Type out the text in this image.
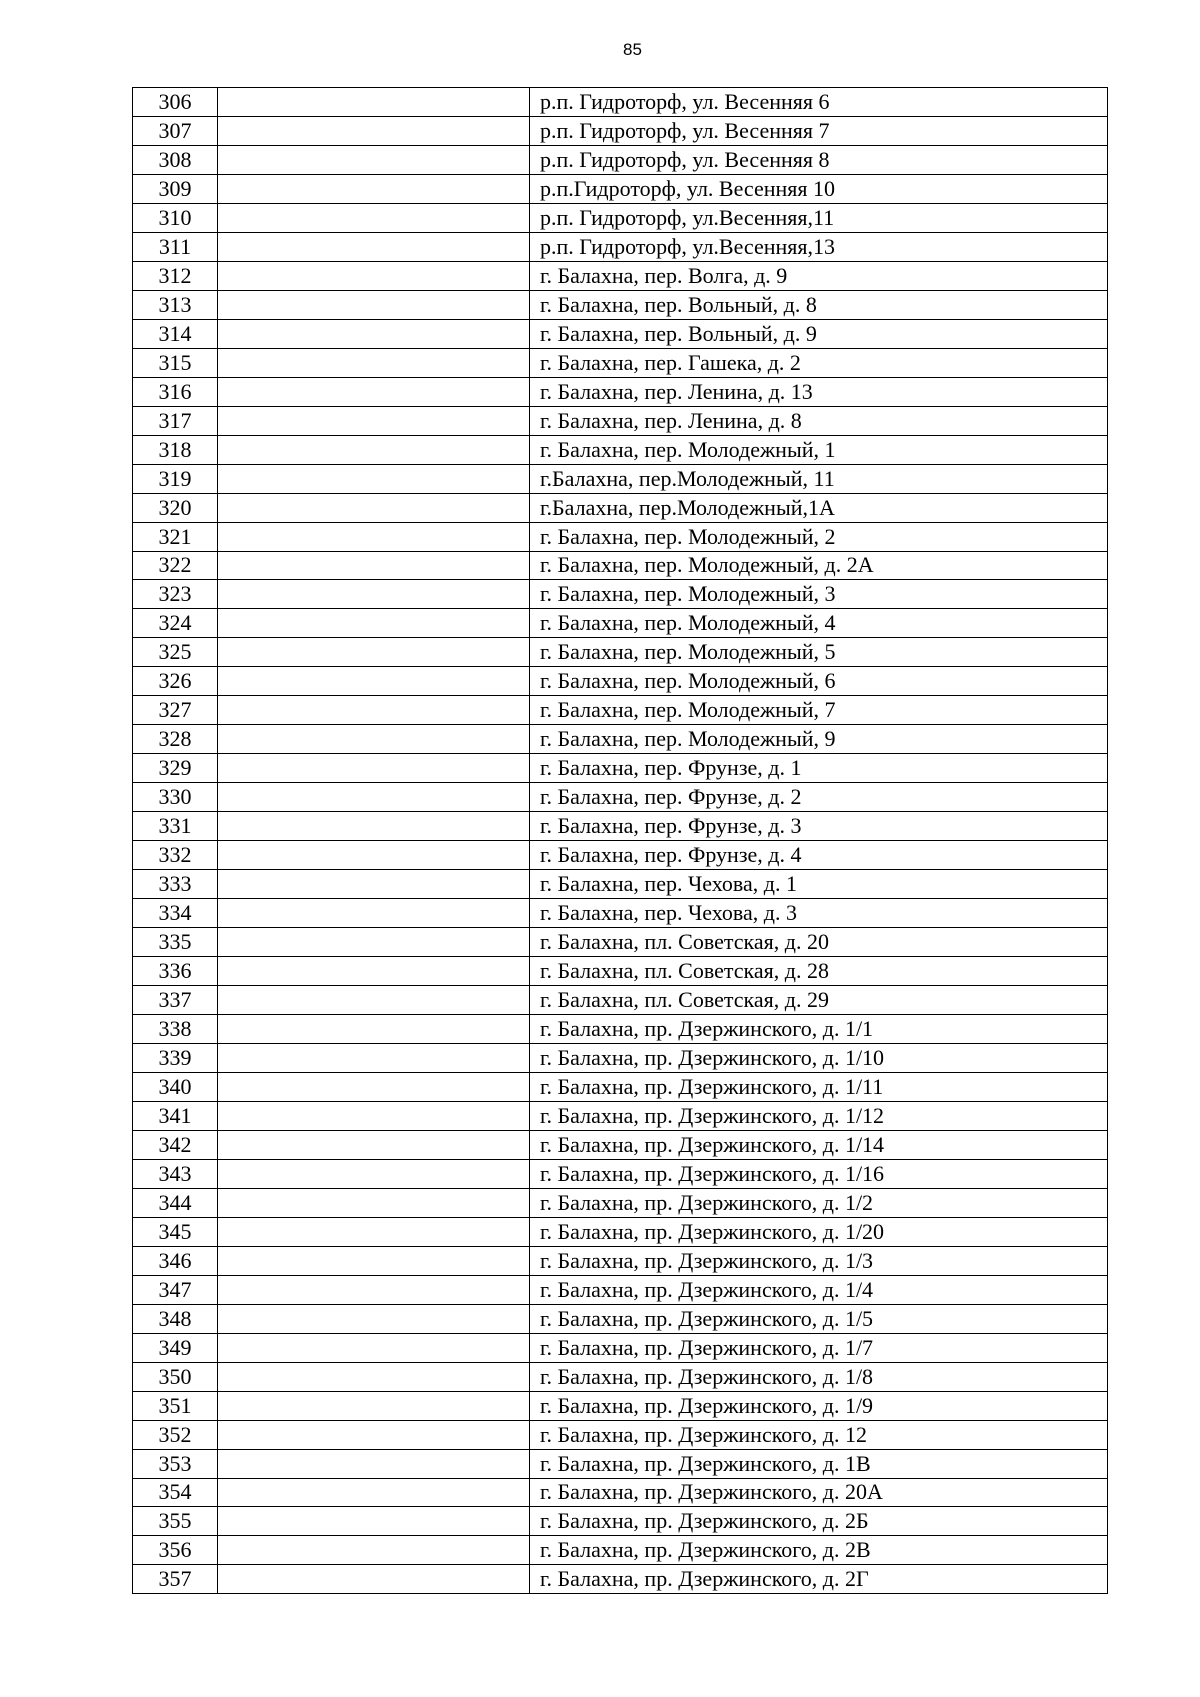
85
306		р.п. Гидроторф, ул. Весенняя 6
307		р.п. Гидроторф, ул. Весенняя 7
308		р.п. Гидроторф, ул. Весенняя 8
309		р.п.Гидроторф, ул. Весенняя 10
310		р.п. Гидроторф, ул.Весенняя,11
311		р.п. Гидроторф, ул.Весенняя,13
312		г. Балахна, пер. Волга, д. 9
313		г. Балахна, пер. Вольный, д. 8
314		г. Балахна, пер. Вольный, д. 9
315		г. Балахна, пер. Гашека, д. 2
316		г. Балахна, пер. Ленина, д. 13
317		г. Балахна, пер. Ленина, д. 8
318		г. Балахна, пер. Молодежный, 1
319		г.Балахна, пер.Молодежный, 11
320		г.Балахна, пер.Молодежный,1А
321		г. Балахна, пер. Молодежный, 2
322		г. Балахна, пер. Молодежный, д. 2А
323		г. Балахна, пер. Молодежный, 3
324		г. Балахна, пер. Молодежный, 4
325		г. Балахна, пер. Молодежный, 5
326		г. Балахна, пер. Молодежный, 6
327		г. Балахна, пер. Молодежный, 7
328		г. Балахна, пер. Молодежный, 9
329		г. Балахна, пер. Фрунзе, д. 1
330		г. Балахна, пер. Фрунзе, д. 2
331		г. Балахна, пер. Фрунзе, д. 3
332		г. Балахна, пер. Фрунзе, д. 4
333		г. Балахна, пер. Чехова, д. 1
334		г. Балахна, пер. Чехова, д. 3
335		г. Балахна, пл. Советская, д. 20
336		г. Балахна, пл. Советская, д. 28
337		г. Балахна, пл. Советская, д. 29
338		г. Балахна, пр. Дзержинского, д. 1/1
339		г. Балахна, пр. Дзержинского, д. 1/10
340		г. Балахна, пр. Дзержинского, д. 1/11
341		г. Балахна, пр. Дзержинского, д. 1/12
342		г. Балахна, пр. Дзержинского, д. 1/14
343		г. Балахна, пр. Дзержинского, д. 1/16
344		г. Балахна, пр. Дзержинского, д. 1/2
345		г. Балахна, пр. Дзержинского, д. 1/20
346		г. Балахна, пр. Дзержинского, д. 1/3
347		г. Балахна, пр. Дзержинского, д. 1/4
348		г. Балахна, пр. Дзержинского, д. 1/5
349		г. Балахна, пр. Дзержинского, д. 1/7
350		г. Балахна, пр. Дзержинского, д. 1/8
351		г. Балахна, пр. Дзержинского, д. 1/9
352		г. Балахна, пр. Дзержинского, д. 12
353		г. Балахна, пр. Дзержинского, д. 1В
354		г. Балахна, пр. Дзержинского, д. 20А
355		г. Балахна, пр. Дзержинского, д. 2Б
356		г. Балахна, пр. Дзержинского, д. 2В
357		г. Балахна, пр. Дзержинского, д. 2Г
